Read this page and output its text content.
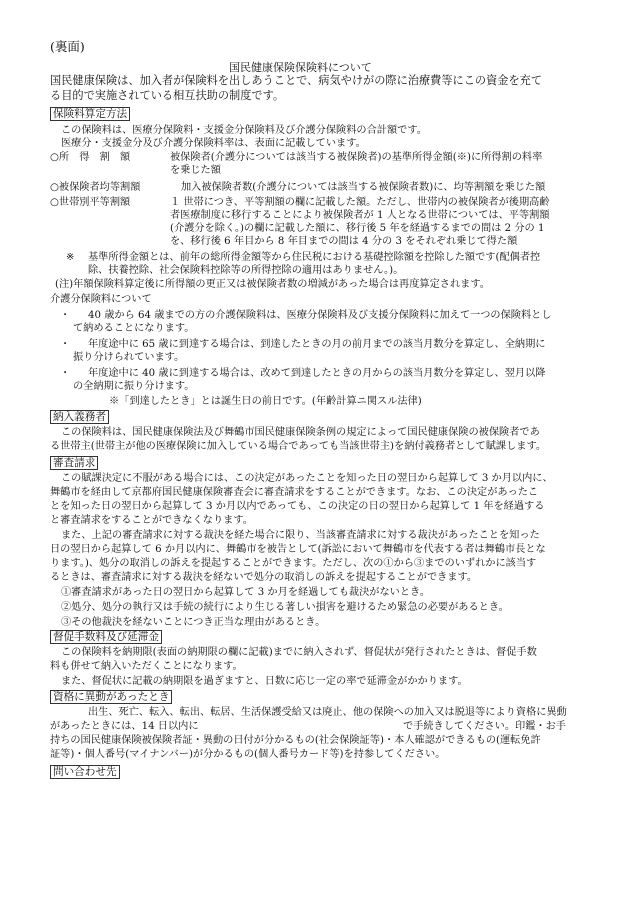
(裏面)
国民健康保険保険料について
国民健康保険は、加入者が保険料を出しあうことで、病気やけがの際に治療費等にこの資金を充て
る目的で実施されている相互扶助の制度です。
保険料算定方法
この保険料は、医療分保険料・支援金分保険料及び介護分保険料の合計額です。
医療分・支援金分及び介護分保険料率は、表面に記載しています。
○所　得　割　額	被保険者(介護分については該当する被保険者)の基準所得金額(※)に所得割の料率
を乗じた額
○被保険者均等割額	加入被保険者数(介護分については該当する被保険者数)に、均等割額を乗じた額
○世帯別平等割額	１ 世帯につき、平等割額の欄に記載した額。ただし、世帯内の被保険者が後期高齢
者医療制度に移行することにより被保険者が 1 人となる世帯については、平等割額
(介護分を除く。)の欄に記載した額に、移行後 5 年を経過するまでの間は 2 分の 1
を、移行後 6 年目から 8 年目までの間は 4 分の 3 をそれぞれ乗じて得た額
※ 基準所得金額とは、前年の総所得金額等から住民税における基礎控除額を控除した額です(配偶者控
除、扶養控除、社会保険料控除等の所得控除の適用はありません。)。
(注)年額保険料算定後に所得額の更正又は被保険者数の増減があった場合は再度算定されます。
介護分保険料について
・ 40 歳から 64 歳までの方の介護保険料は、医療分保険料及び支援分保険料に加えて一つの保険料とし
て納めることになります。
・ 年度途中に 65 歳に到達する場合は、到達したときの月の前月までの該当月数分を算定し、全納期に
振り分けられています。
・ 年度途中に 40 歳に到達する場合は、改めて到達したときの月からの該当月数分を算定し、翌月以降
の全納期に振り分けます。
※「到達したとき」とは誕生日の前日です。(年齢計算ニ関スル法律)
納入義務者
この保険料は、国民健康保険法及び舞鶴市国民健康保険条例の規定によって国民健康保険の被保険者であ
る世帯主(世帯主が他の医療保険に加入している場合であっても当該世帯主)を納付義務者として賦課します。
審査請求
この賦課決定に不服がある場合には、この決定があったことを知った日の翌日から起算して 3 か月以内に、
舞鶴市を経由して京都府国民健康保険審査会に審査請求をすることができます。なお、この決定があったこ
とを知った日の翌日から起算して 3 か月以内であっても、この決定の日の翌日から起算して 1 年を経過する
と審査請求をすることができなくなります。
また、上記の審査請求に対する裁決を経た場合に限り、当該審査請求に対する裁決があったことを知った
日の翌日から起算して 6 か月以内に、舞鶴市を被告として(訴訟において舞鶴市を代表する者は舞鶴市長とな
ります。)、処分の取消しの訴えを提起することができます。ただし、次の①から③までのいずれかに該当す
るときは、審査請求に対する裁決を経ないで処分の取消しの訴えを提起することができます。
①審査請求があった日の翌日から起算して 3 か月を経過しても裁決がないとき。
②処分、処分の執行又は手続の続行により生じる著しい損害を避けるため緊急の必要があるとき。
③その他裁決を経ないことにつき正当な理由があるとき。
督促手数料及び延滞金
この保険料を納期限(表面の納期限の欄に記載)までに納入されず、督促状が発行されたときは、督促手数
料も併せて納入いただくことになります。
また、督促状に記載の納期限を過ぎますと、日数に応じ一定の率で延滞金がかかります。
資格に異動があったとき
出生、死亡、転入、転出、転居、生活保護受給又は廃止、他の保険への加入又は脱退等により資格に異動
があったときには、14 日以内に	で手続きしてください。印鑑・お手
持ちの国民健康保険被保険者証・異動の日付が分かるもの(社会保険証等)・本人確認ができるもの(運転免許
証等)・個人番号(マイナンバー)が分かるもの(個人番号カード等)を持参してください。
問い合わせ先
